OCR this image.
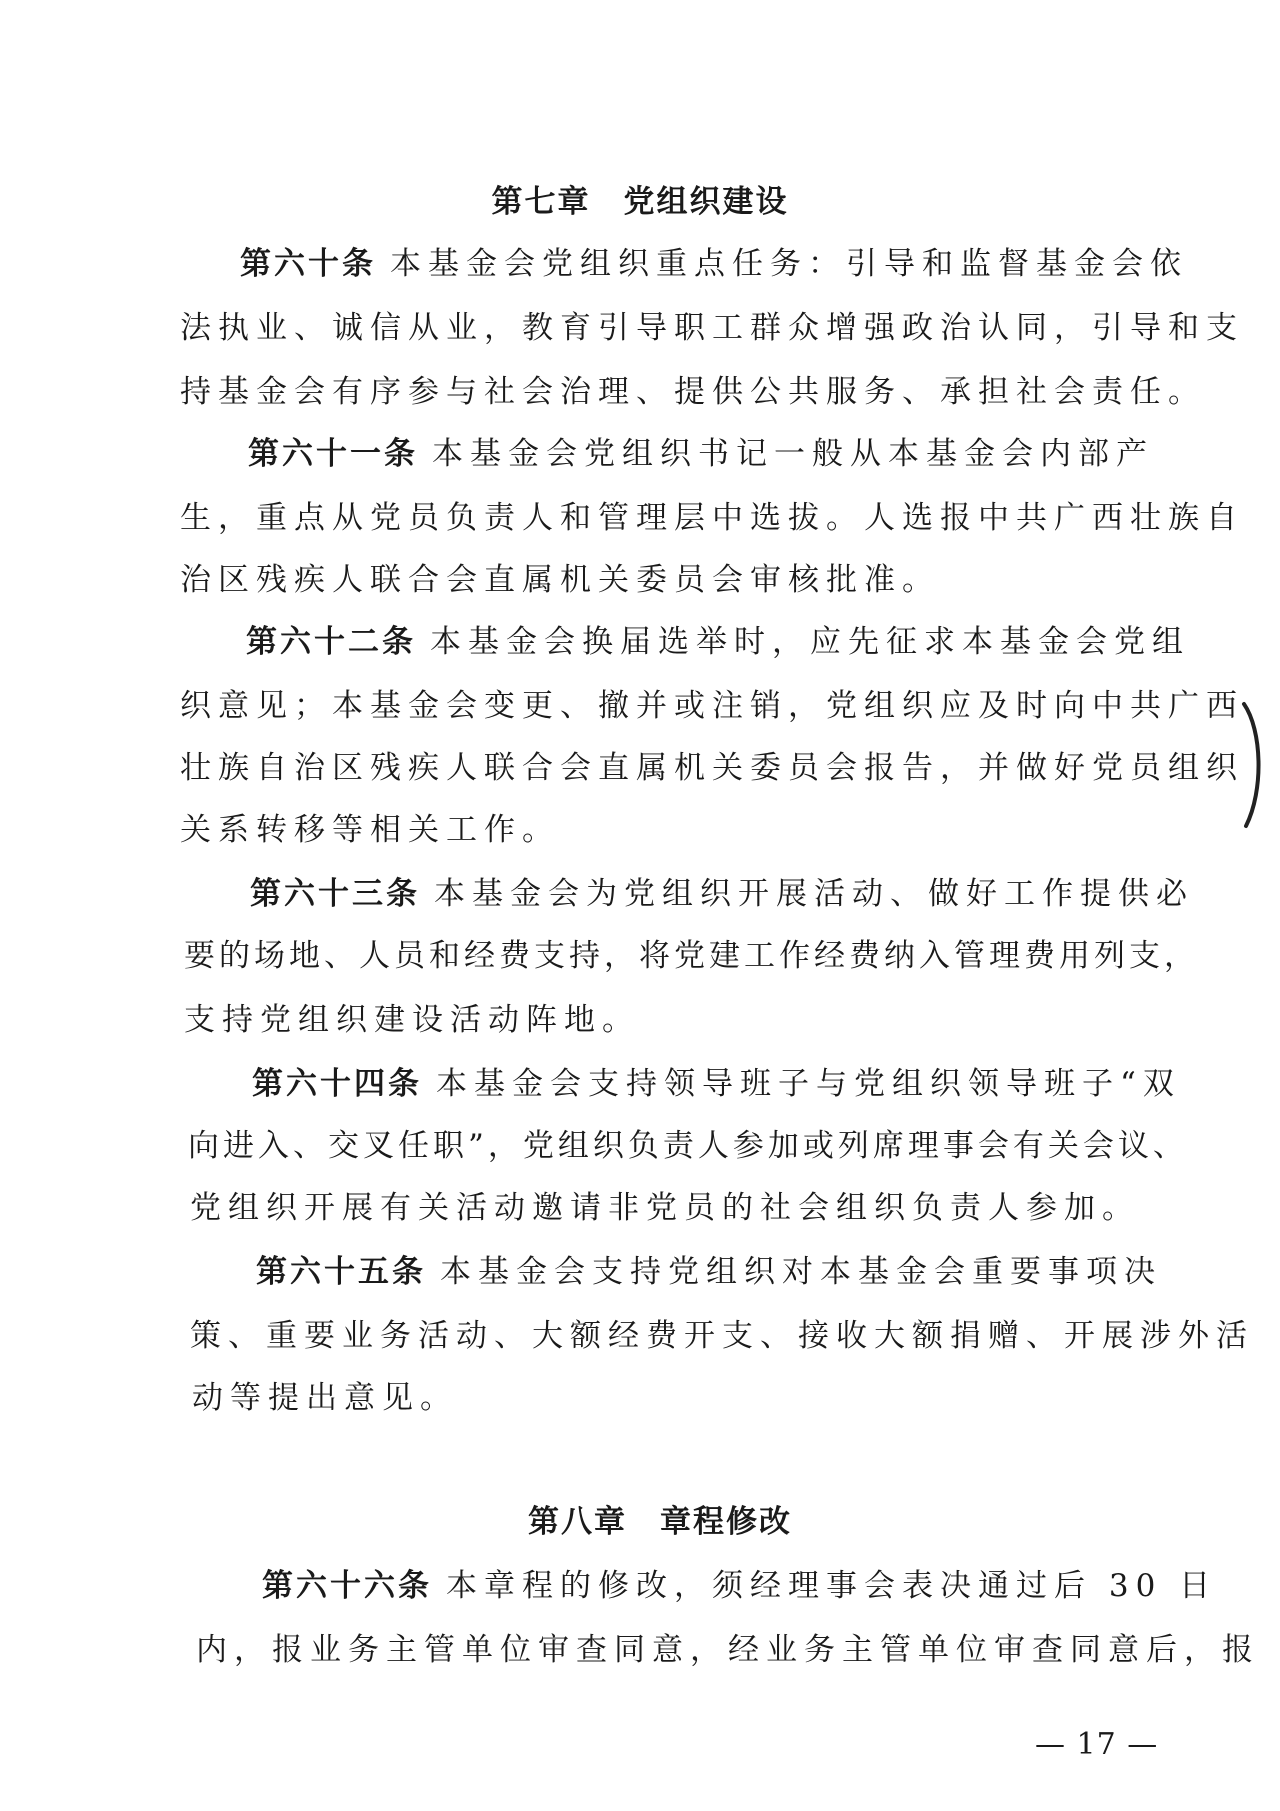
第七章　党组织建设

第六十条 本基金会党组织重点任务：引导和监督基金会依

法执业、诚信从业，教育引导职工群众增强政治认同，引导和支

持基金会有序参与社会治理、提供公共服务、承担社会责任。

第六十一条 本基金会党组织书记一般从本基金会内部产

生，重点从党员负责人和管理层中选拔。人选报中共广西壮族自

治区残疾人联合会直属机关委员会审核批准。

第六十二条 本基金会换届选举时，应先征求本基金会党组

织意见；本基金会变更、撤并或注销，党组织应及时向中共广西

壮族自治区残疾人联合会直属机关委员会报告，并做好党员组织

关系转移等相关工作。

第六十三条 本基金会为党组织开展活动、做好工作提供必

要的场地、人员和经费支持，将党建工作经费纳入管理费用列支，

支持党组织建设活动阵地。

第六十四条 本基金会支持领导班子与党组织领导班子“双

向进入、交叉任职”，党组织负责人参加或列席理事会有关会议、

党组织开展有关活动邀请非党员的社会组织负责人参加。

第六十五条 本基金会支持党组织对本基金会重要事项决

策、重要业务活动、大额经费开支、接收大额捐赠、开展涉外活

动等提出意见。

第八章　章程修改

第六十六条 本章程的修改，须经理事会表决通过后 30 日

内，报业务主管单位审查同意，经业务主管单位审查同意后，报

— 17 —
